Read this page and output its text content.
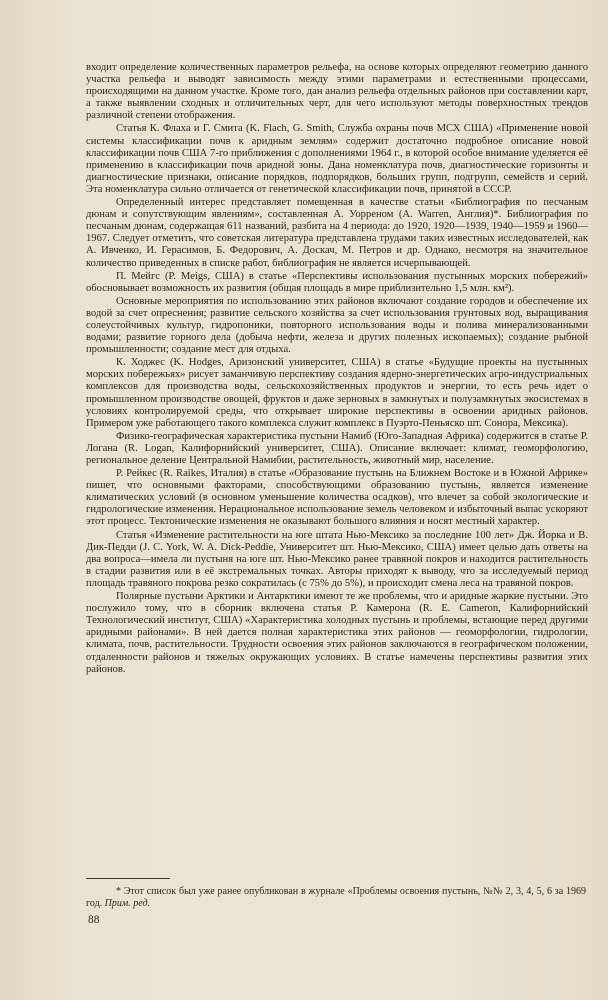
входит определение количественных параметров рельефа, на основе которых определяют геометрию данного участка рельефа и выводят зависимость между этими параметрами и естественными процессами, происходящими на данном участке. Кроме того, дан анализ рельефа отдельных районов при составлении карт, а также выявлении сходных и отличительных черт, для чего используют методы поверхностных трендов различной степени отображения.

Статья К. Флаха и Г. Смита (K. Flach, G. Smith, Служба охраны почв МСХ США) «Применение новой системы классификации почв к аридным землям» содержит достаточно подробное описание новой классификации почв США 7-го приближения с дополнениями 1964 г., в которой особое внимание уделяется её применению в классификации почв аридной зоны. Дана номенклатура почв, диагностические горизонты и диагностические признаки, описание порядков, подпорядков, больших групп, подгрупп, семейств и серий. Эта номенклатура сильно отличается от генетической классификации почв, принятой в СССР.

Определенный интерес представляет помещенная в качестве статьи «Библиография по песчаным дюнам и сопутствующим явлениям», составленная А. Уорреном (A. Warren, Англия)*. Библиография по песчаным дюнам, содержащая 611 названий, разбита на 4 периода: до 1920, 1920—1939, 1940—1959 и 1960—1967. Следует отметить, что советская литература представлена трудами таких известных исследователей, как А. Ивченко, И. Герасимов, Б. Федорович, А. Доскач, М. Петров и др. Однако, несмотря на значительное количество приведенных в списке работ, библиография не является исчерпывающей.

П. Мейгс (P. Meigs, США) в статье «Перспективы использования пустынных морских побережий» обосновывает возможность их развития (общая площадь в мире приблизительно 1,5 млн. км²).

Основные мероприятия по использованию этих районов включают создание городов и обеспечение их водой за счет опреснения; развитие сельского хозяйства за счет использования грунтовых вод, выращивания солеустойчивых культур, гидропоники, повторного использования воды и полива минерализованными водами; развитие горного дела (добыча нефти, железа и других полезных ископаемых); создание рыбной промышленности; создание мест для отдыха.

К. Ходжес (K. Hodges, Аризонский университет, США) в статье «Будущие проекты на пустынных морских побережьях» рисует заманчивую перспективу создания ядерно-энергетических агро-индустриальных комплексов для производства воды, сельскохозяйственных продуктов и энергии, то есть речь идет о промышленном производстве овощей, фруктов и даже зерновых в замкнутых и полузамкнутых экосистемах в условиях контролируемой среды, что открывает широкие перспективы в освоении аридных районов. Примером уже работающего такого комплекса служит комплекс в Пуэрто-Пеньяско шт. Сонора, Мексика).

Физико-географическая характеристика пустыни Намиб (Юго-Западная Африка) содержится в статье Р. Логана (R. Logan, Калифорнийский университет, США). Описание включает: климат, геоморфологию, региональное деление Центральной Намибии, растительность, животный мир, население.

Р. Рейкес (R. Raikes, Италия) в статье «Образование пустынь на Ближнем Востоке и в Южной Африке» пишет, что основными факторами, способствующими образованию пустынь, является изменение климатических условий (в основном уменьшение количества осадков), что влечет за собой экологические и гидрологические изменения. Нерациональное использование земель человеком и избыточный выпас ускоряют этот процесс. Тектонические изменения не оказывают большого влияния и носят местный характер.

Статья «Изменение растительности на юге штата Нью-Мексико за последние 100 лет» Дж. Йорка и В. Дик-Педди (J. C. York, W. A. Dick-Peddie, Университет шт. Нью-Мексико, США) имеет целью дать ответы на два вопроса—имела ли пустыня на юге шт. Нью-Мексико ранее травяной покров и находится растительность в стадии развития или в её экстремальных точках. Авторы приходят к выводу, что за исследуемый период площадь травяного покрова резко сократилась (с 75% до 5%), и происходит смена леса на травяной покров.

Полярные пустыни Арктики и Антарктики имеют те же проблемы, что и аридные жаркие пустыни. Это послужило тому, что в сборник включена статья Р. Камерона (R. E. Cameron, Калифорнийский Технологический институт, США) «Характеристика холодных пустынь и проблемы, встающие перед другими аридными районами». В ней дается полная характеристика этих районов — геоморфологии, гидрологии, климата, почв, растительности. Трудности освоения этих районов заключаются в географическом положении, отдаленности районов и тяжелых окружающих условиях. В статье намечены перспективы развития этих районов.

* Этот список был уже ранее опубликован в журнале «Проблемы освоения пустынь, №№ 2, 3, 4, 5, 6 за 1969 год. Прим. ред.
88
